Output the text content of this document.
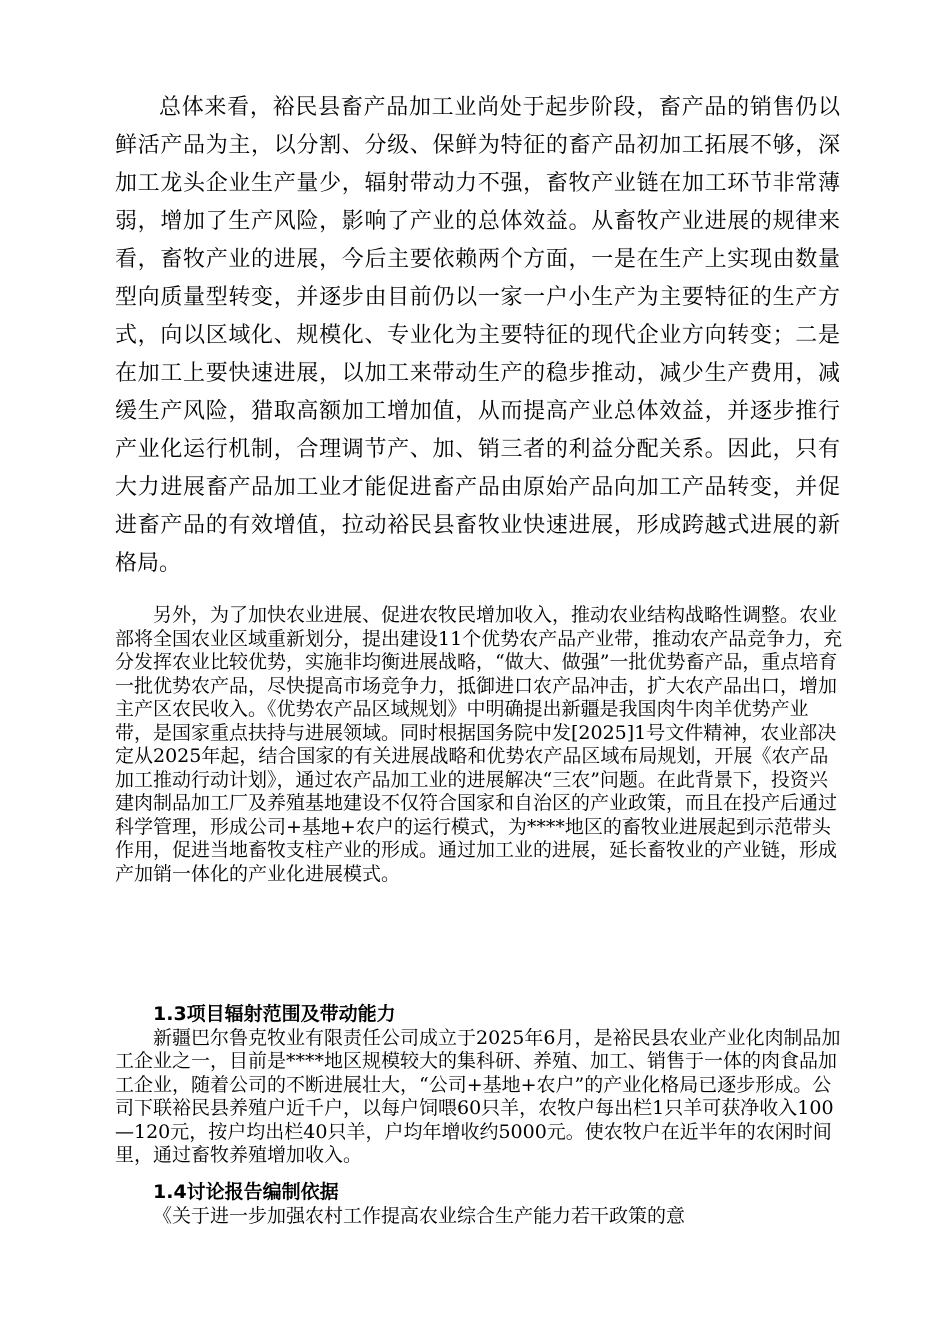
总体来看，裕民县畜产品加工业尚处于起步阶段，畜产品的销售仍以鲜活产品为主，以分割、分级、保鲜为特征的畜产品初加工拓展不够，深加工龙头企业生产量少，辐射带动力不强，畜牧产业链在加工环节非常薄弱，增加了生产风险，影响了产业的总体效益。从畜牧产业进展的规律来看，畜牧产业的进展，今后主要依赖两个方面，一是在生产上实现由数量型向质量型转变，并逐步由目前仍以一家一户小生产为主要特征的生产方式，向以区域化、规模化、专业化为主要特征的现代企业方向转变；二是在加工上要快速进展，以加工来带动生产的稳步推动，减少生产费用，减缓生产风险，猎取高额加工增加值，从而提高产业总体效益，并逐步推行产业化运行机制，合理调节产、加、销三者的利益分配关系。因此，只有大力进展畜产品加工业才能促进畜产品由原始产品向加工产品转变，并促进畜产品的有效增值，拉动裕民县畜牧业快速进展，形成跨越式进展的新格局。

另外，为了加快农业进展、促进农牧民增加收入，推动农业结构战略性调整。农业部将全国农业区域重新划分，提出建设11个优势农产品产业带，推动农产品竞争力，充分发挥农业比较优势，实施非均衡进展战略，“做大、做强”一批优势畜产品，重点培育一批优势农产品，尽快提高市场竞争力，抵御进口农产品冲击，扩大农产品出口，增加主产区农民收入。《优势农产品区域规划》中明确提出新疆是我国肉牛肉羊优势产业带，是国家重点扶持与进展领域。同时根据国务院中发[2025]1号文件精神，农业部决定从2025年起，结合国家的有关进展战略和优势农产品区域布局规划，开展《农产品加工推动行动计划》，通过农产品加工业的进展解决“三农”问题。在此背景下，投资兴建肉制品加工厂及养殖基地建设不仅符合国家和自治区的产业政策，而且在投产后通过科学管理，形成公司+基地+农户的运行模式，为****地区的畜牧业进展起到示范带头作用，促进当地畜牧支柱产业的形成。通过加工业的进展，延长畜牧业的产业链，形成产加销一体化的产业化进展模式。

1.3项目辐射范围及带动能力

新疆巴尔鲁克牧业有限责任公司成立于2025年6月，是裕民县农业产业化肉制品加工企业之一，目前是****地区规模较大的集科研、养殖、加工、销售于一体的肉食品加工企业，随着公司的不断进展壮大，“公司+基地+农户”的产业化格局已逐步形成。公司下联裕民县养殖户近千户，以每户饲喂60只羊，农牧户每出栏1只羊可获净收入100—120元，按户均出栏40只羊，户均年增收约5000元。使农牧户在近半年的农闲时间里，通过畜牧养殖增加收入。

1.4讨论报告编制依据

《关于进一步加强农村工作提高农业综合生产能力若干政策的意
